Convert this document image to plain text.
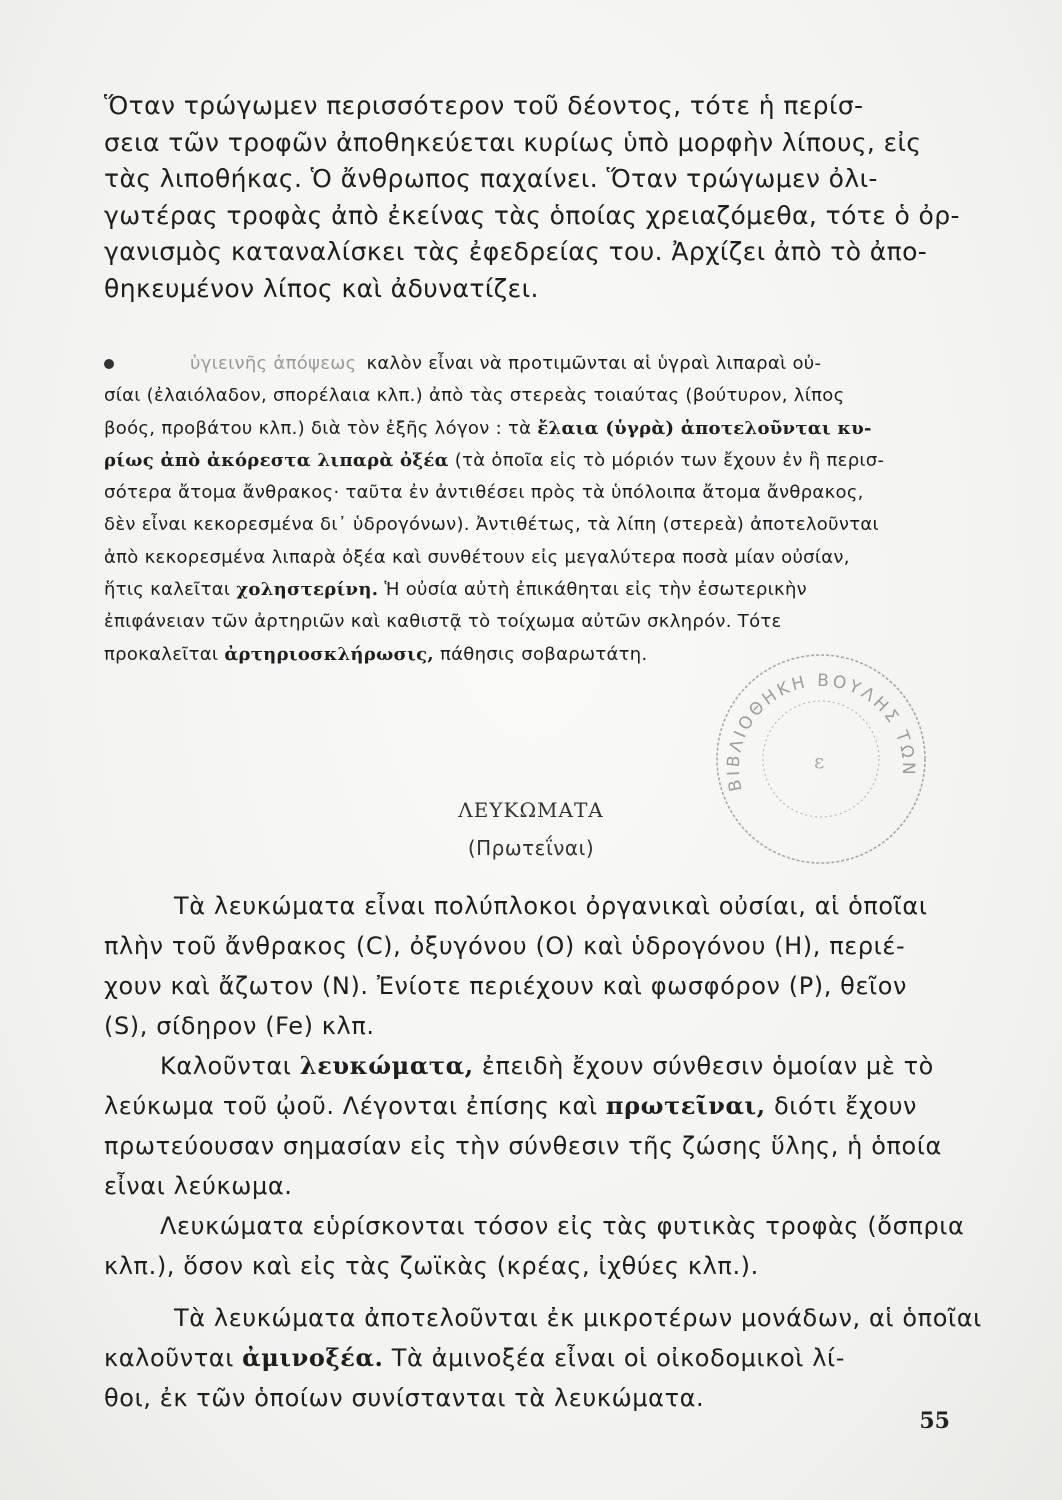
Ὅταν τρώγωμεν περισσότερον τοῦ δέοντος, τότε ἡ περίσ-
σεια τῶν τροφῶν ἀποθηκεύεται κυρίως ὑπὸ μορφὴν λίπους, εἰς
τὰς λιποθήκας. Ὁ ἄνθρωπος παχαίνει. Ὅταν τρώγωμεν ὀλι-
γωτέρας τροφὰς ἀπὸ ἐκείνας τὰς ὁποίας χρειαζόμεθα, τότε ὁ ὀρ-
γανισμὸς καταναλίσκει τὰς ἐφεδρείας του. Ἀρχίζει ἀπὸ τὸ ἀπο-
θηκευμένον λίπος καὶ ἀδυνατίζει.
ὑγιεινῆς ἀπόψεως καλὸν εἶναι νὰ προτιμῶνται αἱ ὑγραὶ λιπαραὶ οὐ-
σίαι (ἐλαιόλαδον, σπορέλαια κλπ.) ἀπὸ τὰς στερεὰς τοιαύτας (βούτυρον, λίπος
βοός, προβάτου κλπ.) διὰ τὸν ἑξῆς λόγον : τὰ ἔλαια (ὑγρὰ) ἀποτελοῦνται κυ-
ρίως ἀπὸ ἀκόρεστα λιπαρὰ ὀξέα (τὰ ὁποῖα εἰς τὸ μόριόν των ἔχουν ἐν ἢ περισ-
σότερα ἄτομα ἄνθρακος· ταῦτα ἐν ἀντιθέσει πρὸς τὰ ὑπόλοιπα ἄτομα ἄνθρακος,
δὲν εἶναι κεκορεσμένα δι᾽ ὑδρογόνων). Ἀντιθέτως, τὰ λίπη (στερεὰ) ἀποτελοῦνται
ἀπὸ κεκορεσμένα λιπαρὰ ὀξέα καὶ συνθέτουν εἰς μεγαλύτερα ποσὰ μίαν οὐσίαν,
ἥτις καλεῖται χοληστερίνη. Ἡ οὐσία αὐτὴ ἐπικάθηται εἰς τὴν ἐσωτερικὴν
ἐπιφάνειαν τῶν ἀρτηριῶν καὶ καθιστᾷ τὸ τοίχωμα αὐτῶν σκληρόν. Τότε
προκαλεῖται ἀρτηριοσκλήρωσις, πάθησις σοβαρωτάτη.
ΒΙΒΛΙΟΘΗΚΗ ΒΟΥΛΗΣ ΤΩΝ
ε
ΛΕΥΚΩΜΑΤΑ
(Πρωτεΐναι)
Τὰ λευκώματα εἶναι πολύπλοκοι ὀργανικαὶ οὐσίαι, αἱ ὁποῖαι
πλὴν τοῦ ἄνθρακος (C), ὀξυγόνου (O) καὶ ὑδρογόνου (H), περιέ-
χουν καὶ ἄζωτον (N). Ἐνίοτε περιέχουν καὶ φωσφόρον (P), θεῖον
(S), σίδηρον (Fe) κλπ.
Καλοῦνται λευκώματα, ἐπειδὴ ἔχουν σύνθεσιν ὁμοίαν μὲ τὸ
λεύκωμα τοῦ ᾠοῦ. Λέγονται ἐπίσης καὶ πρωτεῖναι, διότι ἔχουν
πρωτεύουσαν σημασίαν εἰς τὴν σύνθεσιν τῆς ζώσης ὕλης, ἡ ὁποία
εἶναι λεύκωμα.
Λευκώματα εὑρίσκονται τόσον εἰς τὰς φυτικὰς τροφὰς (ὄσπρια
κλπ.), ὅσον καὶ εἰς τὰς ζωϊκὰς (κρέας, ἰχθύες κλπ.).
Τὰ λευκώματα ἀποτελοῦνται ἐκ μικροτέρων μονάδων, αἱ ὁποῖαι
καλοῦνται ἀμινοξέα. Τὰ ἀμινοξέα εἶναι οἱ οἰκοδομικοὶ λί-
θοι, ἐκ τῶν ὁποίων συνίστανται τὰ λευκώματα.
55
